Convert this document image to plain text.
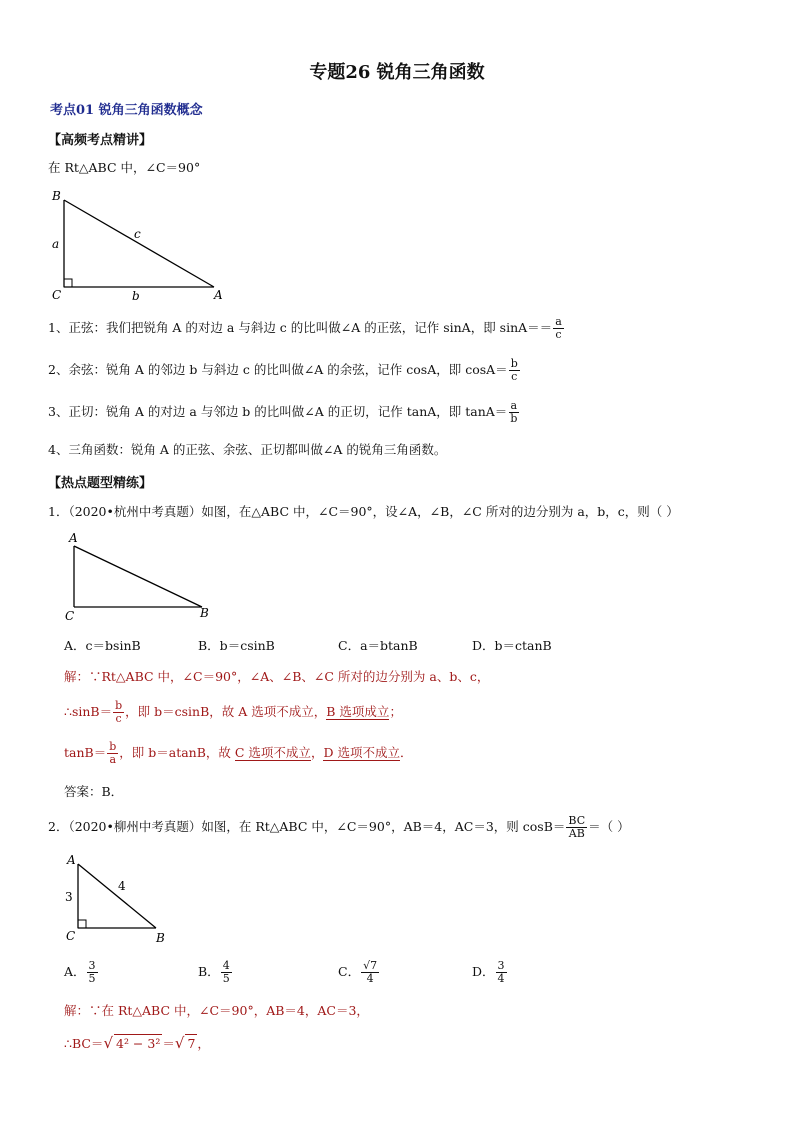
专题26 锐角三角函数
考点01 锐角三角函数概念
【高频考点精讲】
在 Rt△ABC 中，∠C＝90°
B
C	A
a
b
c
1、正弦：我们把锐角 A 的对边 a 与斜边 c 的比叫做∠A 的正弦，记作 sinA，即 $\sin A== \frac{a}{c}$
2、余弦：锐角 A 的邻边 b 与斜边 c 的比叫做∠A 的余弦，记作 cosA，即 $\cos A= \frac{b}{c}$
3、正切：锐角 A 的对边 a 与邻边 b 的比叫做∠A 的正切，记作 tanA，即 $\tan A= \frac{a}{b}$
4、三角函数：锐角 A 的正弦、余弦、正切都叫做∠A 的锐角三角函数。
【热点题型精练】
1．（2020•杭州中考真题）如图，在△ABC 中，∠C＝90°，设∠A，∠B，∠C 所对的边分别为 a，b，c，则（ ）
A
C	B
A．c＝bsinB	B．b＝csinB	C．a＝btanB	D．b＝ctanB
解：∵Rt△ABC 中，∠C＝90°，∠A、∠B、∠C 所对的边分别为 a、b、c，
∴sinB＝ $\frac{b}{c}$ ，即 b＝csinB，故 A 选项不成立，B 选项成立；
$\tan B= \frac{b}{a}$ ，即 b＝atanB，故 C 选项不成立，D 选项不成立．
答案：B．
2．（2020•柳州中考真题）如图，在 Rt△ABC 中，∠C＝90°，AB＝4，AC＝3，则 $\cos B= \frac{BC}{AB}$ ＝（ ）
A
C	B
3
4
A． $\frac{3}{5}$	B． $\frac{4}{5}$	C． $\frac{√7}{4}$	D． $\frac{3}{4}$
解：∵在 Rt△ABC 中，∠C＝90°，AB＝4，AC＝3，
∴BC＝√ 4² − 3² ＝√ 7 ，
